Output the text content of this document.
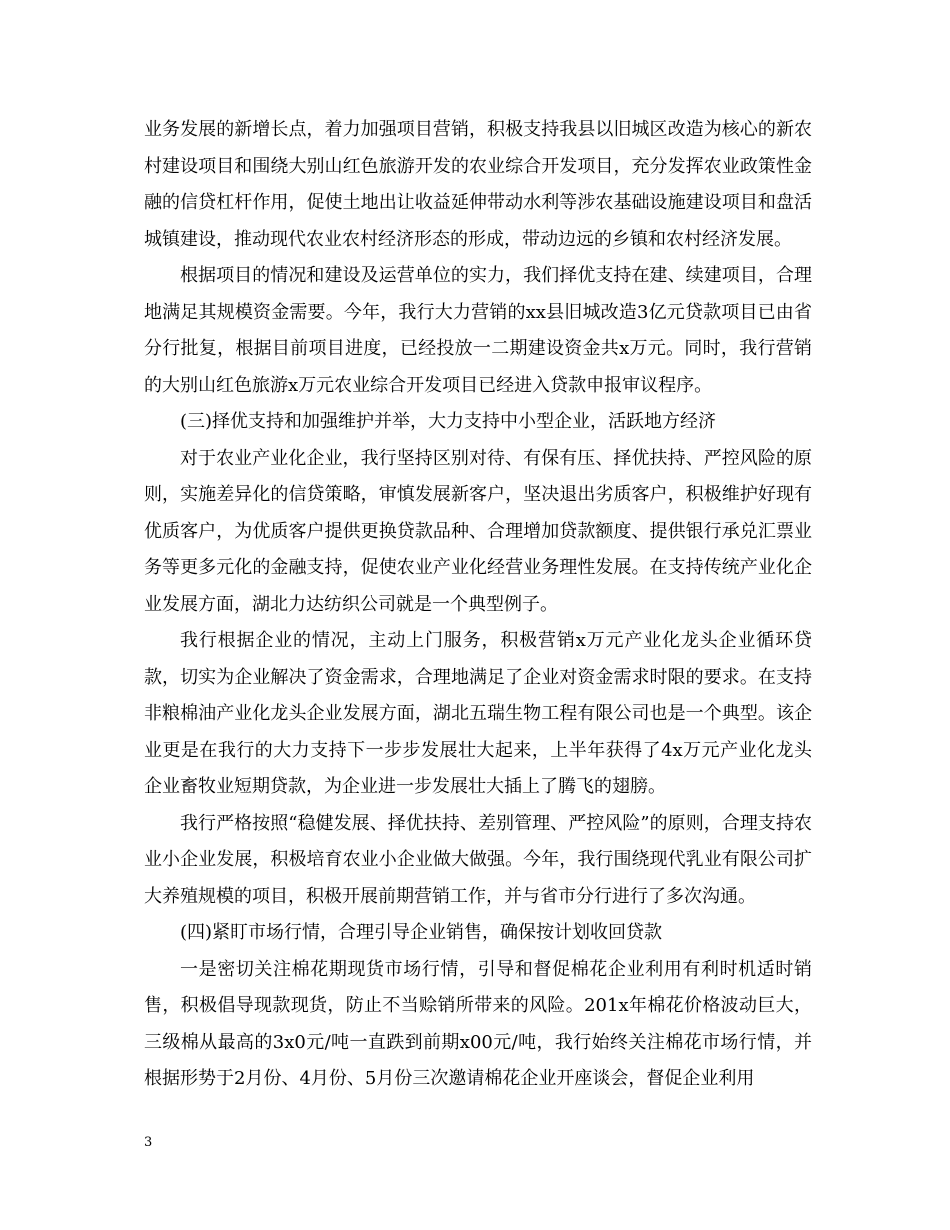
业务发展的新增长点，着力加强项目营销，积极支持我县以旧城区改造为核心的新农村建设项目和围绕大别山红色旅游开发的农业综合开发项目，充分发挥农业政策性金融的信贷杠杆作用，促使土地出让收益延伸带动水利等涉农基础设施建设项目和盘活城镇建设，推动现代农业农村经济形态的形成，带动边远的乡镇和农村经济发展。

根据项目的情况和建设及运营单位的实力，我们择优支持在建、续建项目，合理地满足其规模资金需要。今年，我行大力营销的xx县旧城改造3亿元贷款项目已由省分行批复，根据目前项目进度，已经投放一二期建设资金共x万元。同时，我行营销的大别山红色旅游x万元农业综合开发项目已经进入贷款申报审议程序。

(三)择优支持和加强维护并举，大力支持中小型企业，活跃地方经济

对于农业产业化企业，我行坚持区别对待、有保有压、择优扶持、严控风险的原则，实施差异化的信贷策略，审慎发展新客户，坚决退出劣质客户，积极维护好现有优质客户，为优质客户提供更换贷款品种、合理增加贷款额度、提供银行承兑汇票业务等更多元化的金融支持，促使农业产业化经营业务理性发展。在支持传统产业化企业发展方面，湖北力达纺织公司就是一个典型例子。

我行根据企业的情况，主动上门服务，积极营销x万元产业化龙头企业循环贷款，切实为企业解决了资金需求，合理地满足了企业对资金需求时限的要求。在支持非粮棉油产业化龙头企业发展方面，湖北五瑞生物工程有限公司也是一个典型。该企业更是在我行的大力支持下一步步发展壮大起来，上半年获得了4x万元产业化龙头企业畜牧业短期贷款，为企业进一步发展壮大插上了腾飞的翅膀。

我行严格按照“稳健发展、择优扶持、差别管理、严控风险”的原则，合理支持农业小企业发展，积极培育农业小企业做大做强。今年，我行围绕现代乳业有限公司扩大养殖规模的项目，积极开展前期营销工作，并与省市分行进行了多次沟通。

(四)紧盯市场行情，合理引导企业销售，确保按计划收回贷款

一是密切关注棉花期现货市场行情，引导和督促棉花企业利用有利时机适时销售，积极倡导现款现货，防止不当赊销所带来的风险。201x年棉花价格波动巨大，三级棉从最高的3x0元/吨一直跌到前期x00元/吨，我行始终关注棉花市场行情，并根据形势于2月份、4月份、5月份三次邀请棉花企业开座谈会，督促企业利用

3
